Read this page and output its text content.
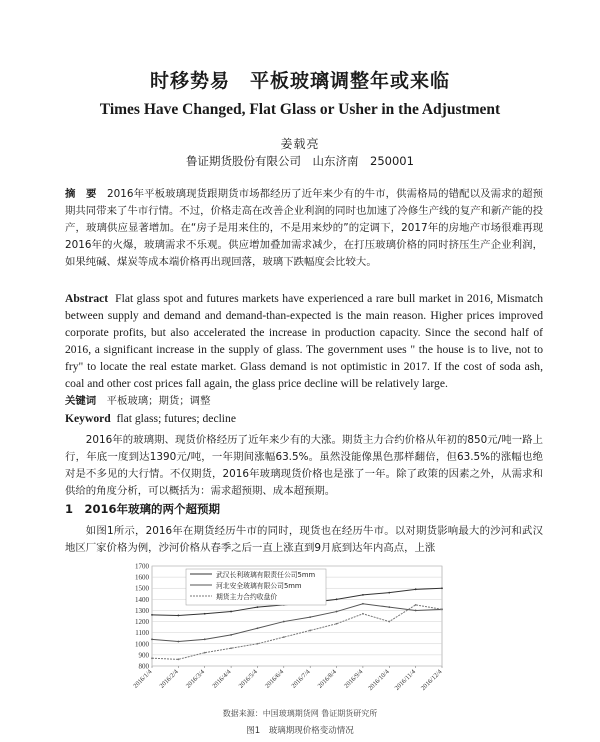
时移势易　平板玻璃调整年或来临
Times Have Changed, Flat Glass or Usher in the Adjustment
姜载亮
鲁证期货股份有限公司　山东济南　250001

摘　要　 2016年平板玻璃现货跟期货市场都经历了近年来少有的牛市，供需格局的错配以及需求的超预期共同带来了牛市行情。不过，价格走高在改善企业利润的同时也加速了冷修生产线的复产和新产能的投产，玻璃供应显著增加。在“房子是用来住的，不是用来炒的”的定调下，2017年的房地产市场很难再现2016年的火爆，玻璃需求不乐观。供应增加叠加需求减少，在打压玻璃价格的同时挤压生产企业利润，如果纯碱、煤炭等成本端价格再出现回落，玻璃下跌幅度会比较大。

Abstract Flat glass spot and futures markets have experienced a rare bull market in 2016, Mismatch between supply and demand and demand-than-expected is the main reason. Higher prices improved corporate profits, but also accelerated the increase in production capacity. Since the second half of 2016, a significant increase in the supply of glass. The government uses " the house is to live, not to fry" to locate the real estate market. Glass demand is not optimistic in 2017. If the cost of soda ash, coal and other cost prices fall again, the glass price decline will be relatively large.

关键词　 平板玻璃；期货；调整
Keyword flat glass; futures; decline

2016年的玻璃期、现货价格经历了近年来少有的大涨。期货主力合约价格从年初的850元/吨一路上行，年底一度到达1390元/吨，一年期间涨幅63.5%。虽然没能像黑色那样翻倍，但63.5%的涨幅也绝对是不多见的大行情。不仅期货，2016年玻璃现货价格也是涨了一年。除了政策的因素之外，从需求和供给的角度分析，可以概括为：需求超预期、成本超预期。

1　2016年玻璃的两个超预期

如图1所示，2016年在期货经历牛市的同时，现货也在经历牛市。以对期货影响最大的沙河和武汉地区厂家价格为例，沙河价格从春季之后一直上涨直到9月底到达年内高点，上涨

800
900
1000
1100
1200
1300
1400
1500
1600
1700
2016/1/4 2016/2/4 2016/3/4 2016/4/4 2016/5/4 2016/6/4 2016/7/4 2016/8/4 2016/9/4 2016/10/4 2016/11/4 2016/12/4
武汉长利玻璃有限责任公司5mm
河北安全玻璃有限公司5mm
期货主力合约收盘价
数据来源：中国玻璃期货网 鲁证期货研究所
图1　玻璃期现价格变动情况
